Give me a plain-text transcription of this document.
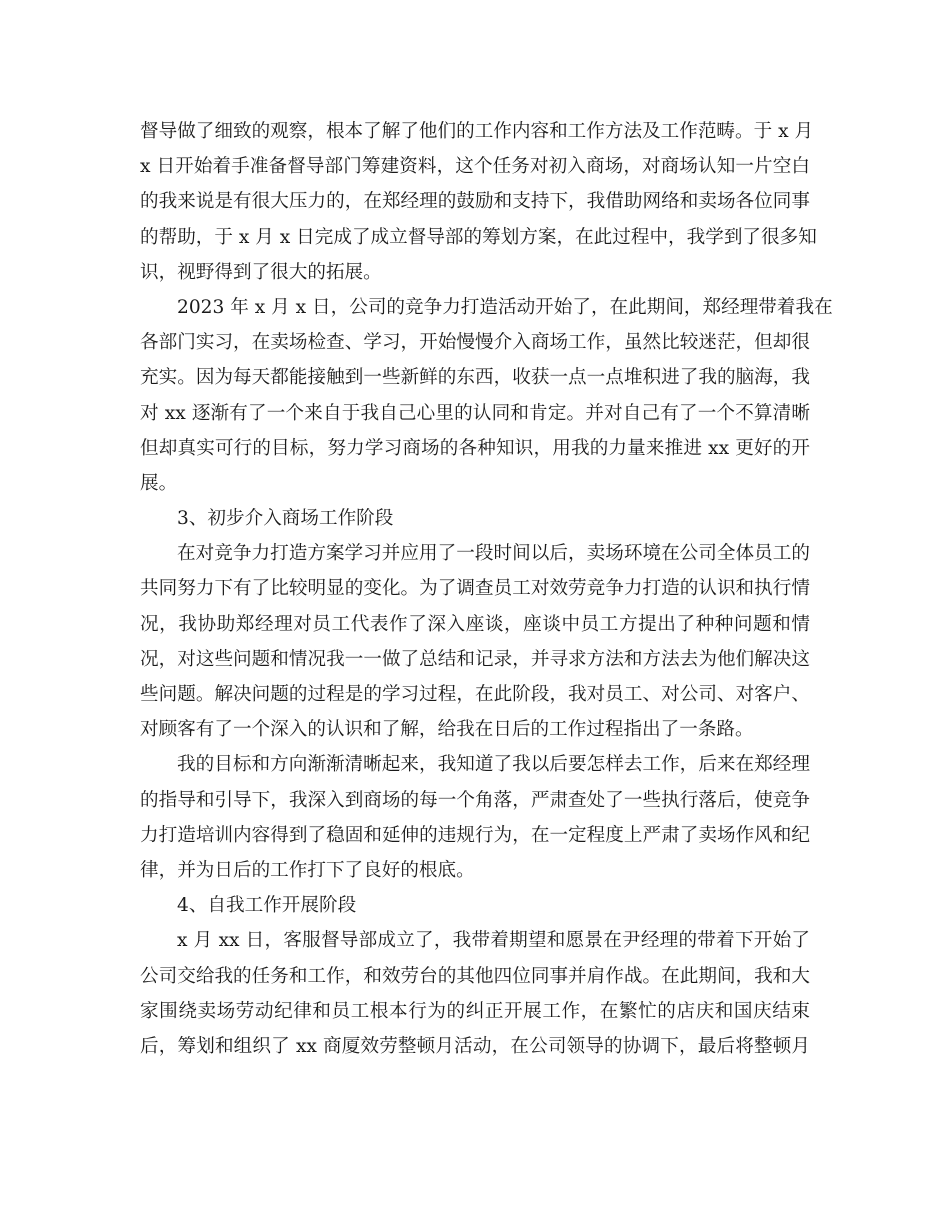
督导做了细致的观察，根本了解了他们的工作内容和工作方法及工作范畴。于 x 月
x 日开始着手准备督导部门筹建资料，这个任务对初入商场，对商场认知一片空白
的我来说是有很大压力的，在郑经理的鼓励和支持下，我借助网络和卖场各位同事
的帮助，于 x 月 x 日完成了成立督导部的筹划方案，在此过程中，我学到了很多知
识，视野得到了很大的拓展。
2023 年 x 月 x 日，公司的竞争力打造活动开始了，在此期间，郑经理带着我在
各部门实习，在卖场检查、学习，开始慢慢介入商场工作，虽然比较迷茫，但却很
充实。因为每天都能接触到一些新鲜的东西，收获一点一点堆积进了我的脑海，我
对 xx 逐渐有了一个来自于我自己心里的认同和肯定。并对自己有了一个不算清晰
但却真实可行的目标，努力学习商场的各种知识，用我的力量来推进 xx 更好的开
展。
3、初步介入商场工作阶段
在对竞争力打造方案学习并应用了一段时间以后，卖场环境在公司全体员工的
共同努力下有了比较明显的变化。为了调查员工对效劳竞争力打造的认识和执行情
况，我协助郑经理对员工代表作了深入座谈，座谈中员工方提出了种种问题和情
况，对这些问题和情况我一一做了总结和记录，并寻求方法和方法去为他们解决这
些问题。解决问题的过程是的学习过程，在此阶段，我对员工、对公司、对客户、
对顾客有了一个深入的认识和了解，给我在日后的工作过程指出了一条路。
我的目标和方向渐渐清晰起来，我知道了我以后要怎样去工作，后来在郑经理
的指导和引导下，我深入到商场的每一个角落，严肃查处了一些执行落后，使竞争
力打造培训内容得到了稳固和延伸的违规行为，在一定程度上严肃了卖场作风和纪
律，并为日后的工作打下了良好的根底。
4、自我工作开展阶段
x 月 xx 日，客服督导部成立了，我带着期望和愿景在尹经理的带着下开始了
公司交给我的任务和工作，和效劳台的其他四位同事并肩作战。在此期间，我和大
家围绕卖场劳动纪律和员工根本行为的纠正开展工作，在繁忙的店庆和国庆结束
后，筹划和组织了 xx 商厦效劳整顿月活动，在公司领导的协调下，最后将整顿月
